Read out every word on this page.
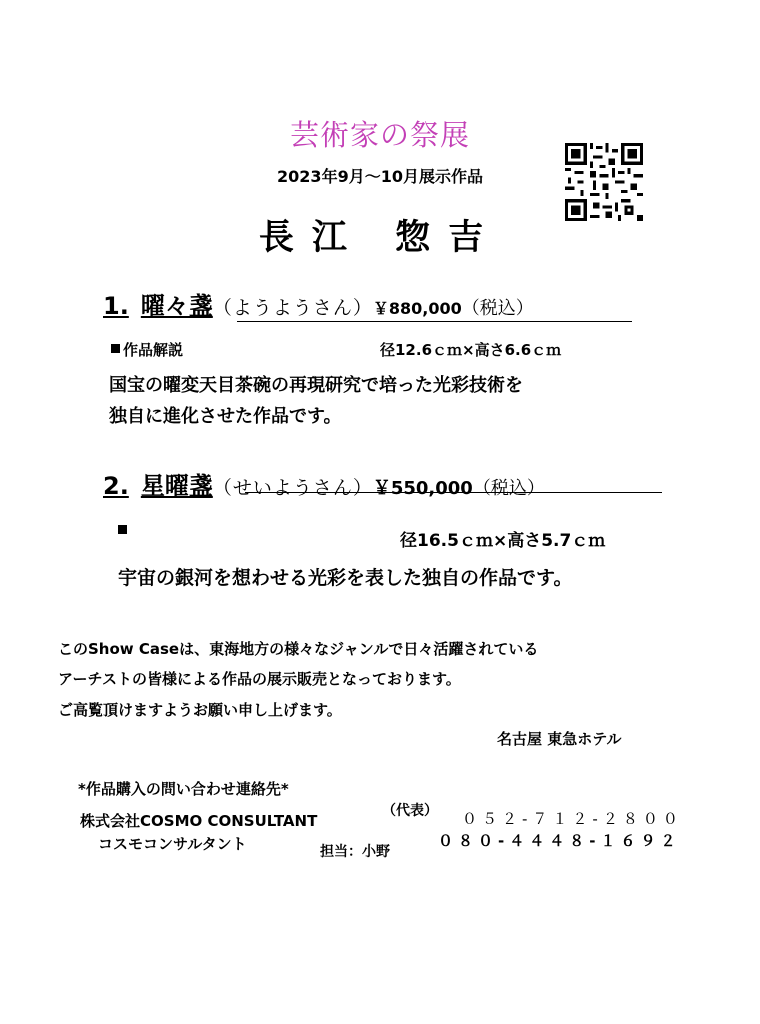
芸術家の祭展
2023年9月～10月展示作品
長江 惣吉
1. 曜々盞（ようようさん）￥880,000（税込）
作品解説	径12.6ｃｍ×高さ6.6ｃｍ
国宝の曜変天目茶碗の再現研究で培った光彩技術を
独自に進化させた作品です。
2. 星曜盞（せいようさん）￥550,000（税込）
径16.5ｃｍ×高さ5.7ｃｍ
宇宙の銀河を想わせる光彩を表した独自の作品です。
このShow Caseは、東海地方の様々なジャンルで日々活躍されている
アーチストの皆様による作品の展示販売となっております。
ご高覧頂けますようお願い申し上げます。
名古屋 東急ホテル
*作品購入の問い合わせ連絡先*
株式会社COSMO CONSULTANT
コスモコンサルタント
（代表） ０５２-７１２-２８００
担当：小野
０８０-４４４８-１６９２
